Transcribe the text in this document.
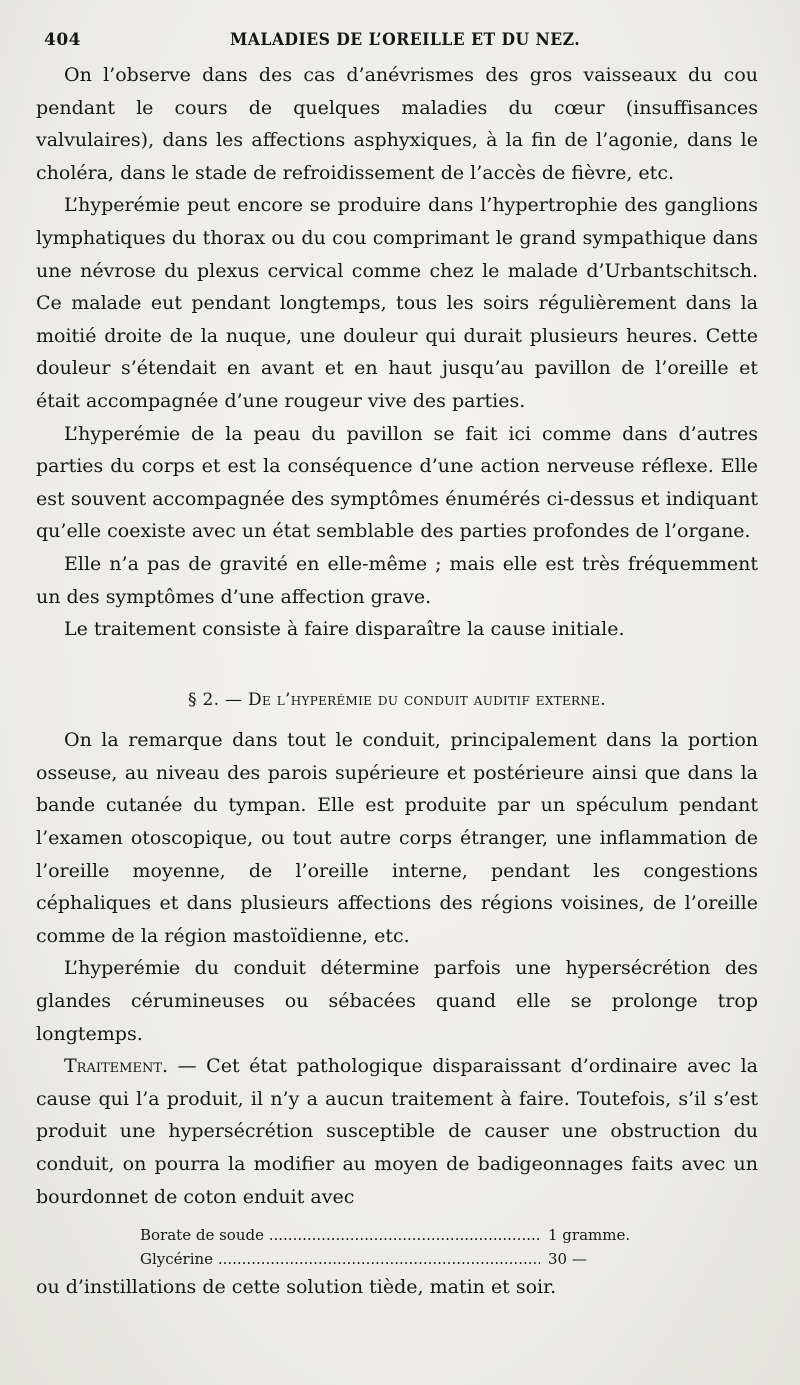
404	MALADIES DE L’OREILLE ET DU NEZ.

On l’observe dans des cas d’anévrismes des gros vaisseaux du cou pendant le cours de quelques maladies du cœur (insuffisances valvulaires), dans les affections asphyxiques, à la fin de l’agonie, dans le choléra, dans le stade de refroidissement de l’accès de fièvre, etc.

L’hyperémie peut encore se produire dans l’hypertrophie des ganglions lymphatiques du thorax ou du cou comprimant le grand sympathique dans une névrose du plexus cervical comme chez le malade d’Urbantschitsch. Ce malade eut pendant longtemps, tous les soirs régulièrement dans la moitié droite de la nuque, une douleur qui durait plusieurs heures. Cette douleur s’étendait en avant et en haut jusqu’au pavillon de l’oreille et était accompagnée d’une rougeur vive des parties.

L’hyperémie de la peau du pavillon se fait ici comme dans d’autres parties du corps et est la conséquence d’une action nerveuse réflexe. Elle est souvent accompagnée des symptômes énumérés ci-dessus et indiquant qu’elle coexiste avec un état semblable des parties profondes de l’organe.

Elle n’a pas de gravité en elle-même ; mais elle est très fréquemment un des symptômes d’une affection grave.

Le traitement consiste à faire disparaître la cause initiale.

§ 2. — De l’hyperémie du conduit auditif externe.

On la remarque dans tout le conduit, principalement dans la portion osseuse, au niveau des parois supérieure et postérieure ainsi que dans la bande cutanée du tympan. Elle est produite par un spéculum pendant l’examen otoscopique, ou tout autre corps étranger, une inflammation de l’oreille moyenne, de l’oreille interne, pendant les congestions céphaliques et dans plusieurs affections des régions voisines, de l’oreille comme de la région mastoïdienne, etc.

L’hyperémie du conduit détermine parfois une hypersécrétion des glandes cérumineuses ou sébacées quand elle se prolonge trop longtemps.

Traitement. — Cet état pathologique disparaissant d’ordinaire avec la cause qui l’a produit, il n’y a aucun traitement à faire. Toutefois, s’il s’est produit une hypersécrétion susceptible de causer une obstruction du conduit, on pourra la modifier au moyen de badigeonnages faits avec un bourdonnet de coton enduit avec

Borate de soude .....	1 gramme.
Glycérine .....	30 —

ou d’instillations de cette solution tiède, matin et soir.
